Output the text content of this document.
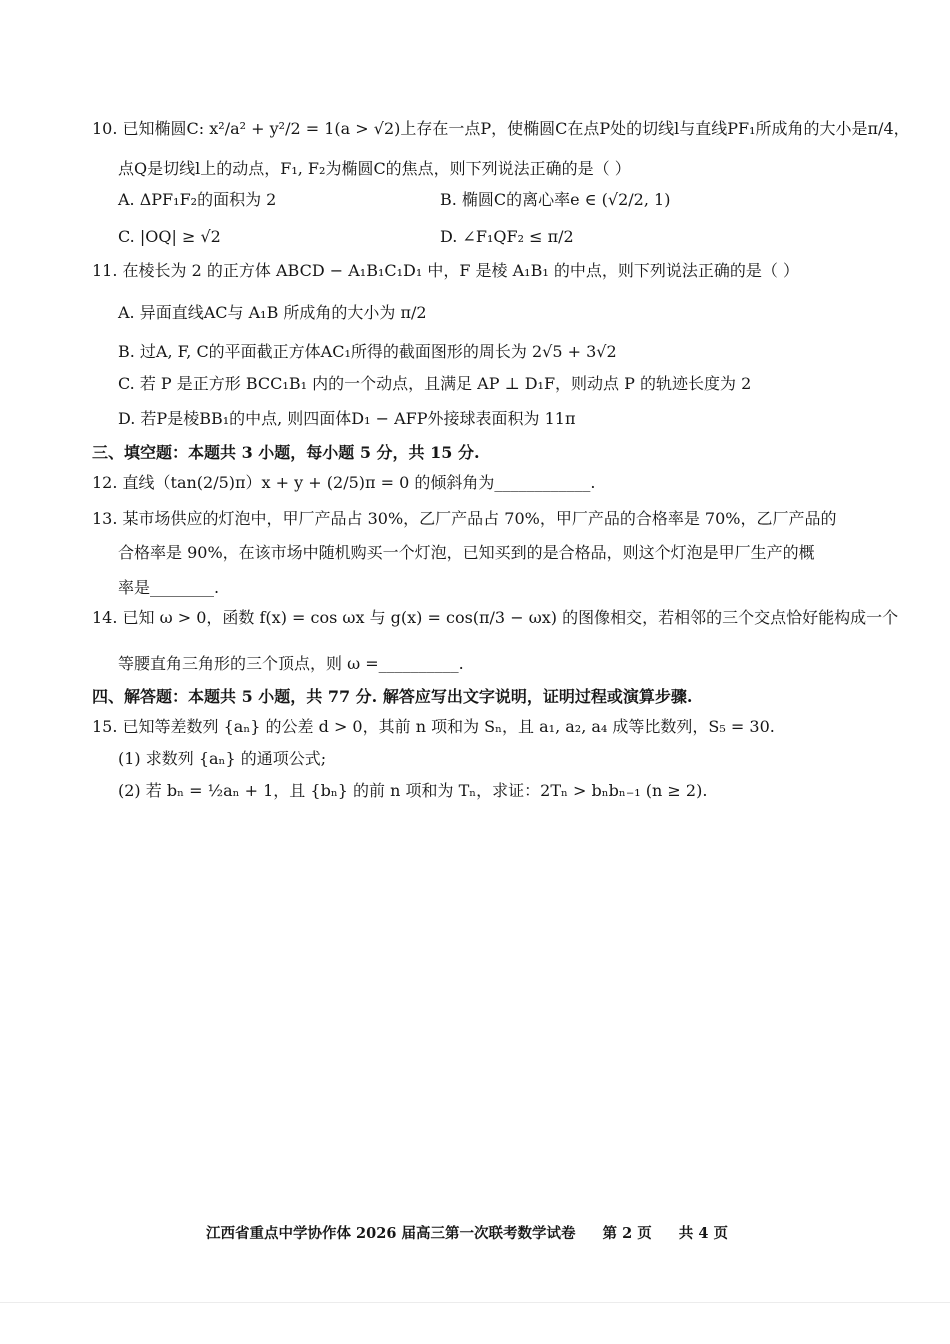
10. 已知椭圆C: x²/a² + y²/2 = 1(a > √2)上存在一点P，使椭圆C在点P处的切线l与直线PF₁所成角的大小是π/4，
点Q是切线l上的动点，F₁, F₂为椭圆C的焦点，则下列说法正确的是（ ）
A. ΔPF₁F₂的面积为 2	B. 椭圆C的离心率e ∈ (√2/2, 1)
C. |OQ| ≥ √2	D. ∠F₁QF₂ ≤ π/2
11. 在棱长为 2 的正方体 ABCD − A₁B₁C₁D₁ 中，F 是棱 A₁B₁ 的中点，则下列说法正确的是（ ）
A. 异面直线AC与 A₁B 所成角的大小为 π/2
B. 过A, F, C的平面截正方体AC₁所得的截面图形的周长为 2√5 + 3√2
C. 若 P 是正方形 BCC₁B₁ 内的一个动点，且满足 AP ⊥ D₁F，则动点 P 的轨迹长度为 2
D. 若P是棱BB₁的中点, 则四面体D₁ − AFP外接球表面积为 11π
三、填空题：本题共 3 小题，每小题 5 分，共 15 分.
12. 直线（tan(2/5)π）x + y + (2/5)π = 0 的倾斜角为____________.
13. 某市场供应的灯泡中，甲厂产品占 30%，乙厂产品占 70%，甲厂产品的合格率是 70%，乙厂产品的
合格率是 90%，在该市场中随机购买一个灯泡，已知买到的是合格品，则这个灯泡是甲厂生产的概
率是________.
14. 已知 ω > 0，函数 f(x) = cos ωx 与 g(x) = cos(π/3 − ωx) 的图像相交，若相邻的三个交点恰好能构成一个
等腰直角三角形的三个顶点，则 ω =__________.
四、解答题：本题共 5 小题，共 77 分. 解答应写出文字说明，证明过程或演算步骤.
15. 已知等差数列 {aₙ} 的公差 d > 0，其前 n 项和为 Sₙ，且 a₁, a₂, a₄ 成等比数列，S₅ = 30.
(1) 求数列 {aₙ} 的通项公式;
(2) 若 bₙ = ½aₙ + 1，且 {bₙ} 的前 n 项和为 Tₙ，求证：2Tₙ > bₙbₙ₋₁ (n ≥ 2).
江西省重点中学协作体 2026 届高三第一次联考数学试卷 第 2 页 共 4 页
